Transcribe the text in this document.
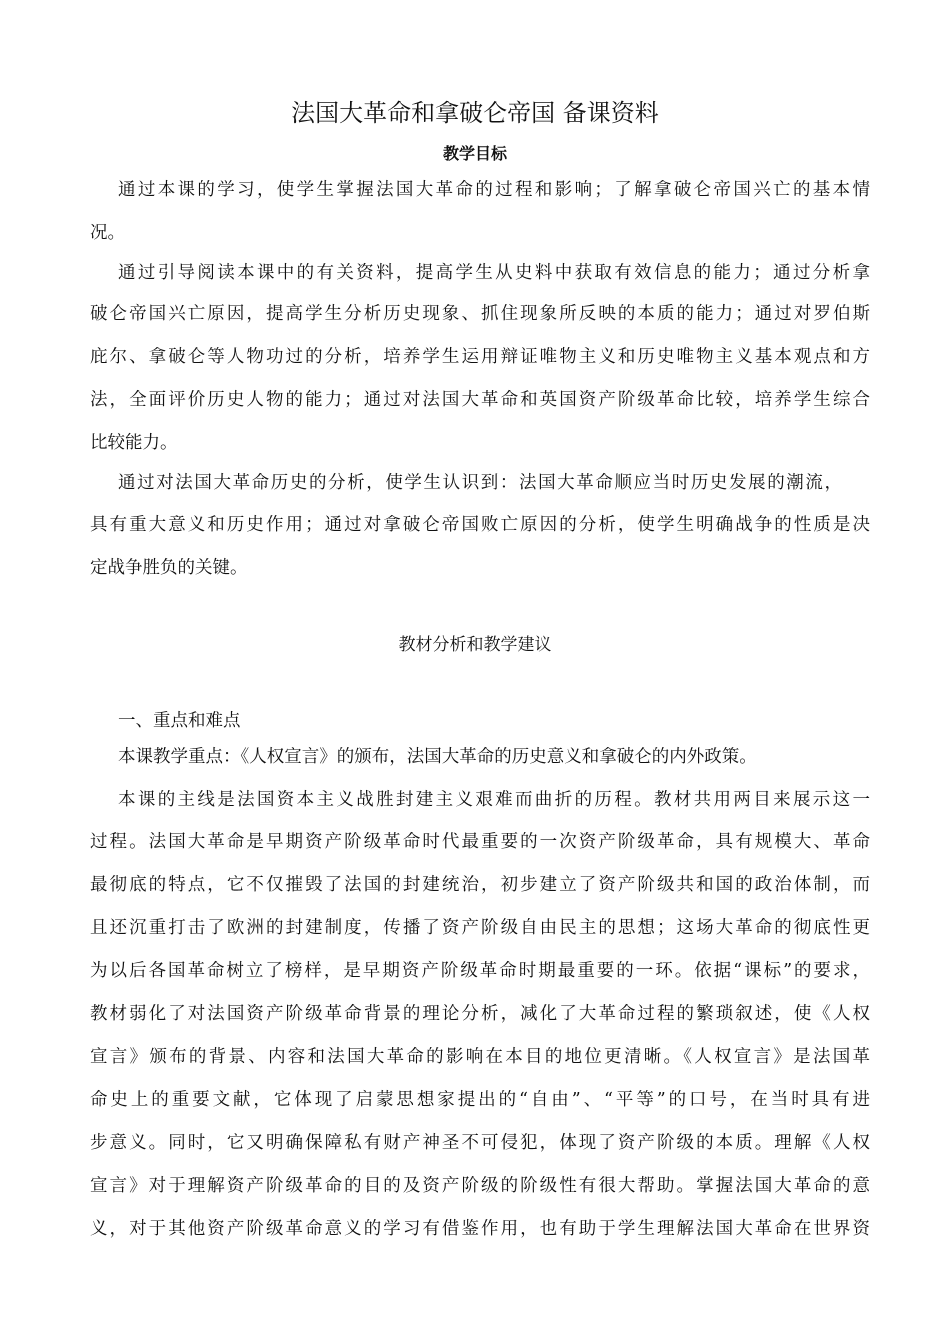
法国大革命和拿破仑帝国 备课资料
教学目标
通过本课的学习，使学生掌握法国大革命的过程和影响；了解拿破仑帝国兴亡的基本情
况。
通过引导阅读本课中的有关资料，提高学生从史料中获取有效信息的能力；通过分析拿
破仑帝国兴亡原因，提高学生分析历史现象、抓住现象所反映的本质的能力；通过对罗伯斯
庇尔、拿破仑等人物功过的分析，培养学生运用辩证唯物主义和历史唯物主义基本观点和方
法，全面评价历史人物的能力；通过对法国大革命和英国资产阶级革命比较，培养学生综合
比较能力。
通过对法国大革命历史的分析，使学生认识到：法国大革命顺应当时历史发展的潮流，
具有重大意义和历史作用；通过对拿破仑帝国败亡原因的分析，使学生明确战争的性质是决
定战争胜负的关键。
教材分析和教学建议
一、重点和难点
本课教学重点：《人权宣言》的颁布，法国大革命的历史意义和拿破仑的内外政策。
本课的主线是法国资本主义战胜封建主义艰难而曲折的历程。教材共用两目来展示这一
过程。法国大革命是早期资产阶级革命时代最重要的一次资产阶级革命，具有规模大、革命
最彻底的特点，它不仅摧毁了法国的封建统治，初步建立了资产阶级共和国的政治体制，而
且还沉重打击了欧洲的封建制度，传播了资产阶级自由民主的思想；这场大革命的彻底性更
为以后各国革命树立了榜样，是早期资产阶级革命时期最重要的一环。依据“课标”的要求，
教材弱化了对法国资产阶级革命背景的理论分析，减化了大革命过程的繁琐叙述，使《人权
宣言》颁布的背景、内容和法国大革命的影响在本目的地位更清晰。《人权宣言》是法国革
命史上的重要文献，它体现了启蒙思想家提出的“自由”、“平等”的口号，在当时具有进
步意义。同时，它又明确保障私有财产神圣不可侵犯，体现了资产阶级的本质。理解《人权
宣言》对于理解资产阶级革命的目的及资产阶级的阶级性有很大帮助。掌握法国大革命的意
义，对于其他资产阶级革命意义的学习有借鉴作用，也有助于学生理解法国大革命在世界资
